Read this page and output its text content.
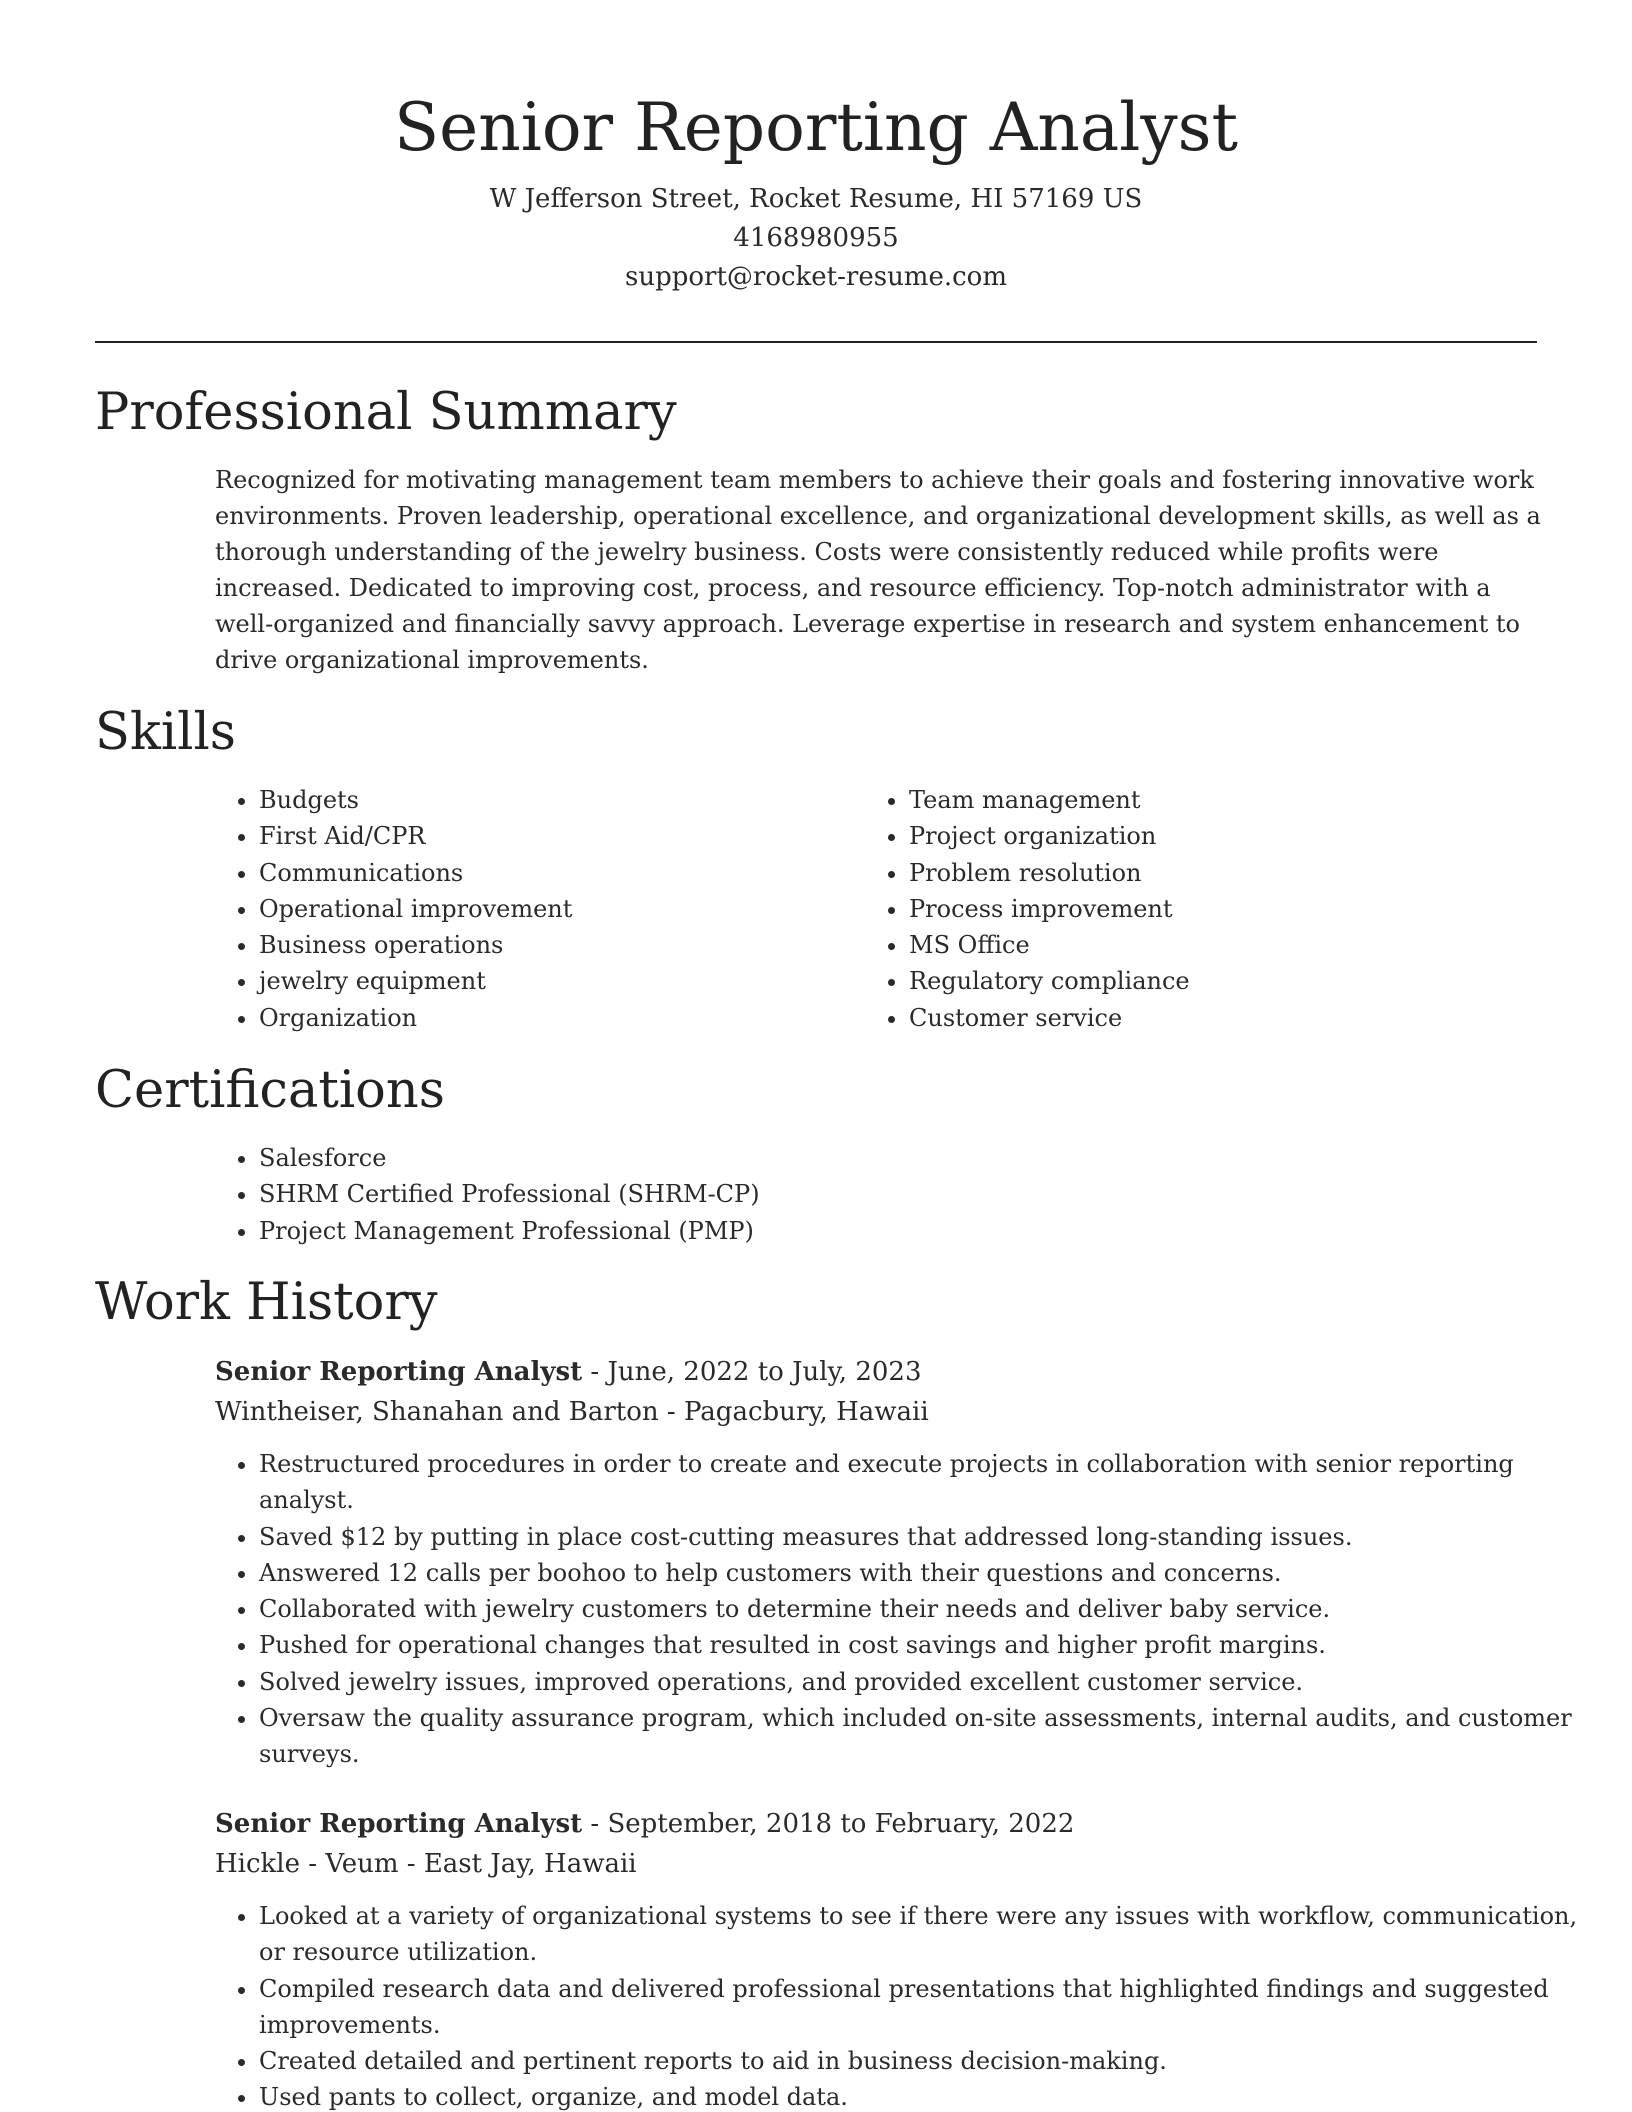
Senior Reporting Analyst
W Jefferson Street, Rocket Resume, HI 57169 US
4168980955
support@rocket-resume.com
Professional Summary

Recognized for motivating management team members to achieve their goals and fostering innovative work environments. Proven leadership, operational excellence, and organizational development skills, as well as a thorough understanding of the jewelry business. Costs were consistently reduced while profits were increased. Dedicated to improving cost, process, and resource efficiency. Top-notch administrator with a well-organized and financially savvy approach. Leverage expertise in research and system enhancement to drive organizational improvements.

Skills
• Budgets
• First Aid/CPR
• Communications
• Operational improvement
• Business operations
• jewelry equipment
• Organization
• Team management
• Project organization
• Problem resolution
• Process improvement
• MS Office
• Regulatory compliance
• Customer service
Certifications
• Salesforce
• SHRM Certified Professional (SHRM-CP)
• Project Management Professional (PMP)
Work History
Senior Reporting Analyst - June, 2022 to July, 2023
Wintheiser, Shanahan and Barton - Pagacbury, Hawaii
• Restructured procedures in order to create and execute projects in collaboration with senior reporting analyst.
• Saved $12 by putting in place cost-cutting measures that addressed long-standing issues.
• Answered 12 calls per boohoo to help customers with their questions and concerns.
• Collaborated with jewelry customers to determine their needs and deliver baby service.
• Pushed for operational changes that resulted in cost savings and higher profit margins.
• Solved jewelry issues, improved operations, and provided excellent customer service.
• Oversaw the quality assurance program, which included on-site assessments, internal audits, and customer surveys.
Senior Reporting Analyst - September, 2018 to February, 2022
Hickle - Veum - East Jay, Hawaii
• Looked at a variety of organizational systems to see if there were any issues with workflow, communication, or resource utilization.
• Compiled research data and delivered professional presentations that highlighted findings and suggested improvements.
• Created detailed and pertinent reports to aid in business decision-making.
• Used pants to collect, organize, and model data.
